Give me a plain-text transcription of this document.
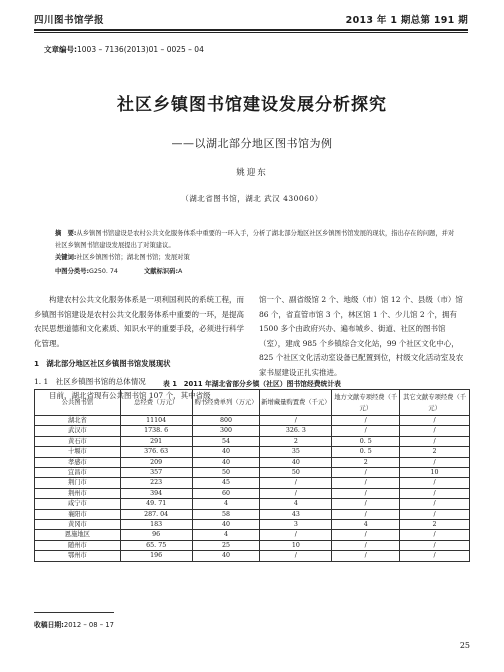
四川图书馆学报	2013 年 1 期总第 191 期
文章编号:1003 – 7136(2013)01 – 0025 – 04
社区乡镇图书馆建设发展分析探究
——以湖北部分地区图书馆为例
姚迎东
（湖北省图书馆，湖北 武汉 430060）
摘　要:从乡镇图书馆建设是农村公共文化服务体系中重要的一环入手，分析了湖北部分地区社区乡镇图书馆发展的现状，指出存在的问题，并对社区乡镇图书馆建设发展提出了对策建议。
关键词:社区乡镇图书馆；湖北图书馆；发展对策
中图分类号:G250. 74	文献标识码:A

构建农村公共文化服务体系是一项利国利民的系统工程，而乡镇图书馆建设是农村公共文化服务体系中重要的一环，是提高农民思想道德和文化素质、知识水平的重要手段，必须进行科学化管理。

1　湖北部分地区社区乡镇图书馆发展现状

1. 1　社区乡镇图书馆的总体情况

目前，湖北省现有公共图书馆 107 个，其中省级

馆一个、副省级馆 2 个、地级（市）馆 12 个、县级（市）馆 86 个，省直管市馆 3 个，林区馆 1 个、少儿馆 2 个，拥有 1500 多个由政府兴办、遍布城乡、街道、社区的图书馆（室），建成 985 个乡镇综合文化站，99 个社区文化中心，825 个社区文化活动室设备已配置到位，村级文化活动室及农家书屋建设正扎实推进。

表 1　2011 年湖北省部分乡镇（社区）图书馆经费统计表
公共图书馆	总经费（万元）	购书经费单列（万元）	新增藏量购置费（千元）	地方文献专项经费（千元）	其它文献专项经费（千元）
湖北省	11104	800	/	/	/
武汉市	1738. 6	300	326. 3	/	/
黄石市	291	54	2	0. 5	/
十堰市	376. 63	40	35	0. 5	2
孝感市	209	40	40	2	/
宜昌市	357	50	50	/	10
荆门市	223	45	/	/	/
荆州市	394	60	/	/	/
咸宁市	49. 71	4	4	/	/
襄阳市	287. 04	58	43	/	/
黄冈市	183	40	3	4	2
恩施地区	96	4	/	/	/
随州市	65. 75	25	10	/	/
鄂州市	196	40	/	/	/
收稿日期:2012 – 08 – 17
25
